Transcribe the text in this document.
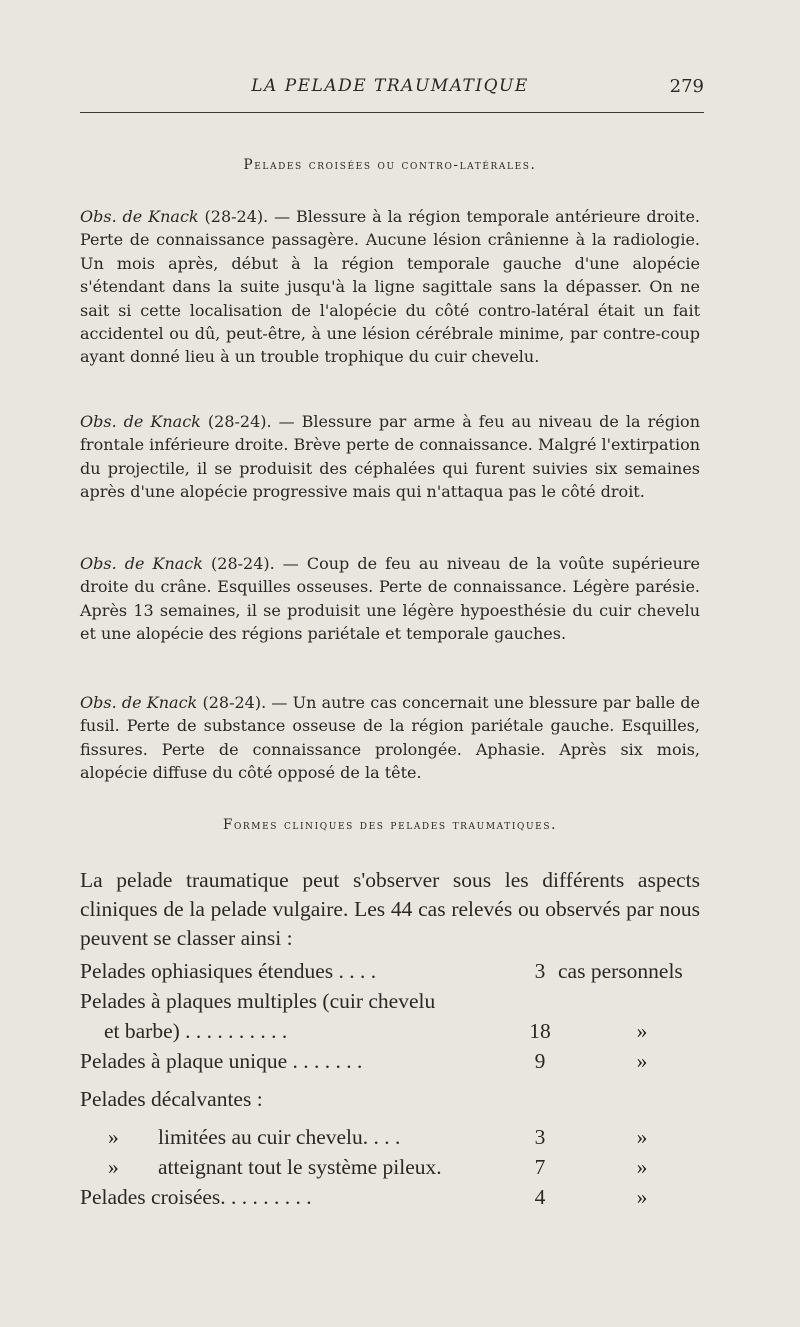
LA PELADE TRAUMATIQUE	279
Pelades croisées ou contro-latérales.

Obs. de Knack (28-24). — Blessure à la région temporale antérieure droite. Perte de connaissance passagère. Aucune lésion crânienne à la radiologie. Un mois après, début à la région temporale gauche d'une alopécie s'étendant dans la suite jusqu'à la ligne sagittale sans la dépasser. On ne sait si cette localisation de l'alopécie du côté contro-latéral était un fait accidentel ou dû, peut-être, à une lésion cérébrale minime, par contre-coup ayant donné lieu à un trouble trophique du cuir chevelu.

Obs. de Knack (28-24). — Blessure par arme à feu au niveau de la région frontale inférieure droite. Brève perte de connaissance. Malgré l'extirpation du projectile, il se produisit des céphalées qui furent suivies six semaines après d'une alopécie progressive mais qui n'attaqua pas le côté droit.

Obs. de Knack (28-24). — Coup de feu au niveau de la voûte supérieure droite du crâne. Esquilles osseuses. Perte de connaissance. Légère parésie. Après 13 semaines, il se produisit une légère hypoesthésie du cuir chevelu et une alopécie des régions pariétale et temporale gauches.

Obs. de Knack (28-24). — Un autre cas concernait une blessure par balle de fusil. Perte de substance osseuse de la région pariétale gauche. Esquilles, fissures. Perte de connaissance prolongée. Aphasie. Après six mois, alopécie diffuse du côté opposé de la tête.

Formes cliniques des pelades traumatiques.

La pelade traumatique peut s'observer sous les différents aspects cliniques de la pelade vulgaire. Les 44 cas relevés ou observés par nous peuvent se classer ainsi :

Pelades ophiasiques étendues . . . .	3 cas personnels
Pelades à plaques multiples (cuir chevelu
et barbe) . . . . . . . . . .	18	»
Pelades à plaque unique . . . . . . .	9	»
Pelades décalvantes :
» limitées au cuir chevelu. . . .	3	»
» atteignant tout le système pileux.	7	»
Pelades croisées. . . . . . . . .	4	»
